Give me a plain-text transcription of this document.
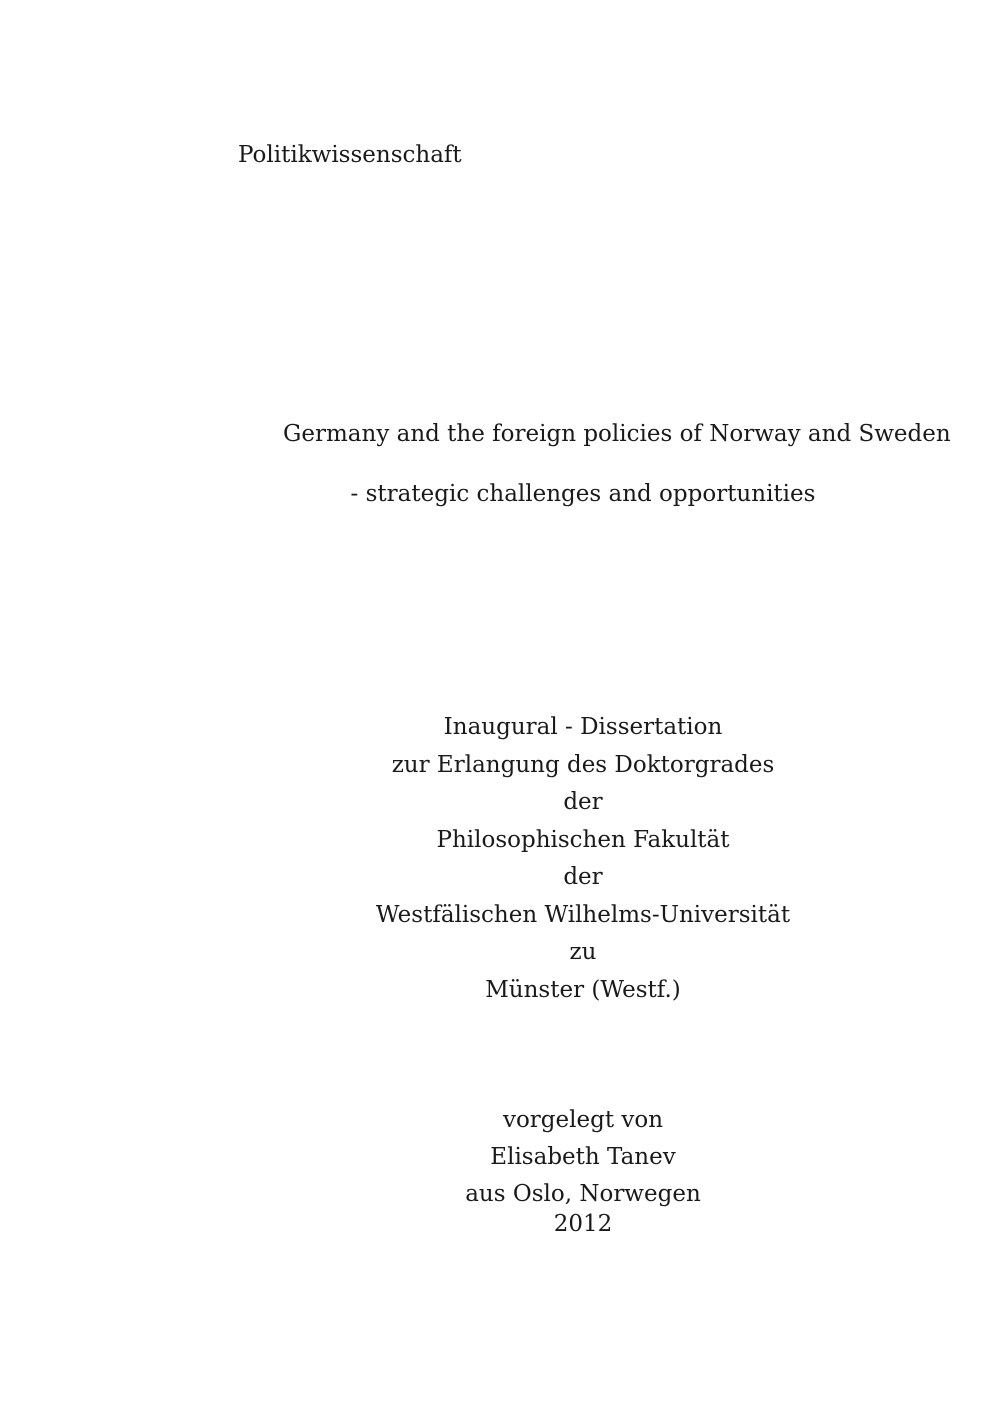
Politikwissenschaft
Germany and the foreign policies of Norway and Sweden
- strategic challenges and opportunities
Inaugural - Dissertation
zur Erlangung des Doktorgrades
der
Philosophischen Fakultät
der
Westfälischen Wilhelms-Universität
zu
Münster (Westf.)
vorgelegt von
Elisabeth Tanev
aus Oslo, Norwegen
2012
